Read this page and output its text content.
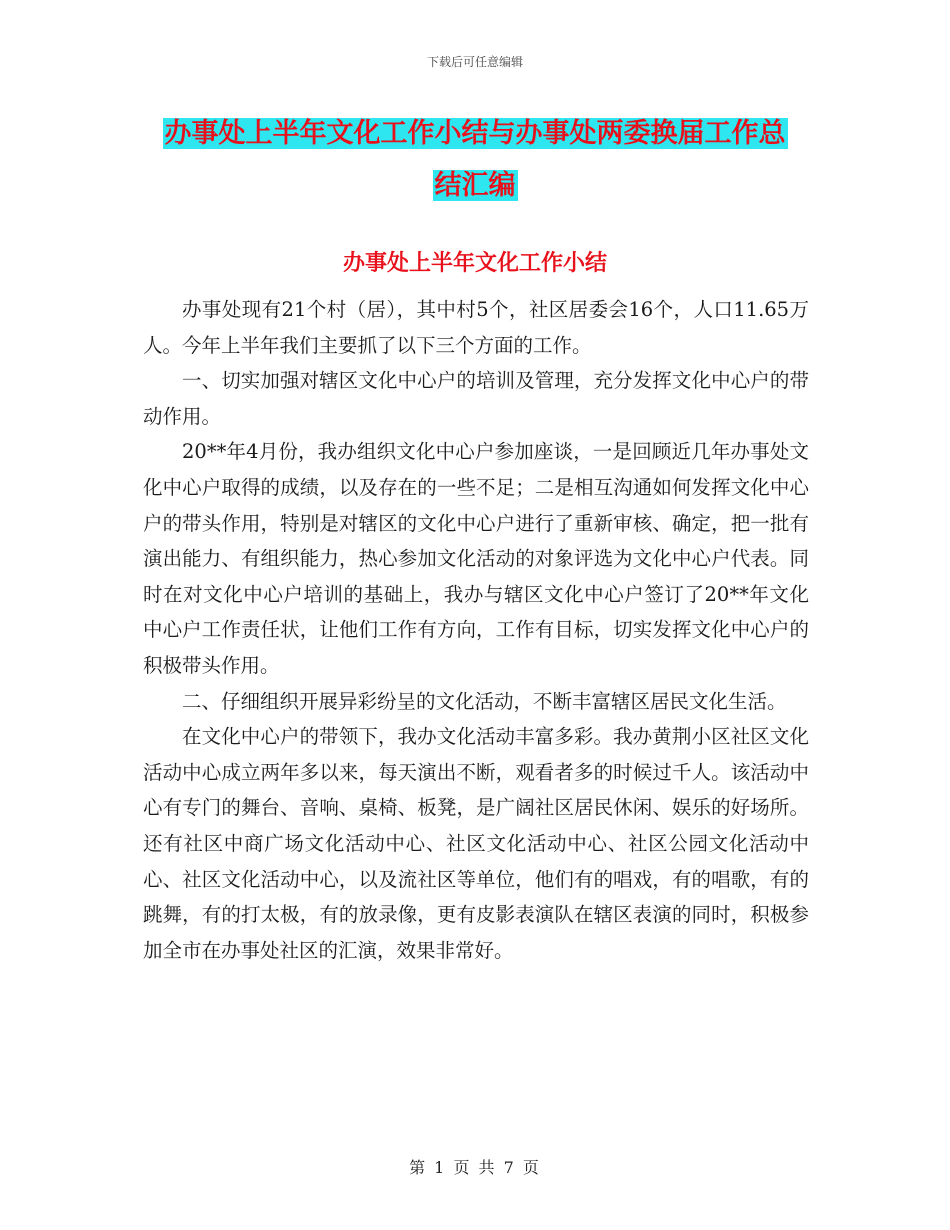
下载后可任意编辑
办事处上半年文化工作小结与办事处两委换届工作总
结汇编
办事处上半年文化工作小结

办事处现有21个村（居），其中村5个，社区居委会16个，人口11.65万人。今年上半年我们主要抓了以下三个方面的工作。

一、切实加强对辖区文化中心户的培训及管理，充分发挥文化中心户的带动作用。

20**年4月份，我办组织文化中心户参加座谈，一是回顾近几年办事处文化中心户取得的成绩，以及存在的一些不足；二是相互沟通如何发挥文化中心户的带头作用，特别是对辖区的文化中心户进行了重新审核、确定，把一批有演出能力、有组织能力，热心参加文化活动的对象评选为文化中心户代表。同时在对文化中心户培训的基础上，我办与辖区文化中心户签订了20**年文化中心户工作责任状，让他们工作有方向，工作有目标，切实发挥文化中心户的积极带头作用。

二、仔细组织开展异彩纷呈的文化活动，不断丰富辖区居民文化生活。

在文化中心户的带领下，我办文化活动丰富多彩。我办黄荆小区社区文化活动中心成立两年多以来，每天演出不断，观看者多的时候过千人。该活动中心有专门的舞台、音响、桌椅、板凳，是广阔社区居民休闲、娱乐的好场所。还有社区中商广场文化活动中心、社区文化活动中心、社区公园文化活动中心、社区文化活动中心，以及流社区等单位，他们有的唱戏，有的唱歌，有的跳舞，有的打太极，有的放录像，更有皮影表演队在辖区表演的同时，积极参加全市在办事处社区的汇演，效果非常好。

第 1 页 共 7 页
